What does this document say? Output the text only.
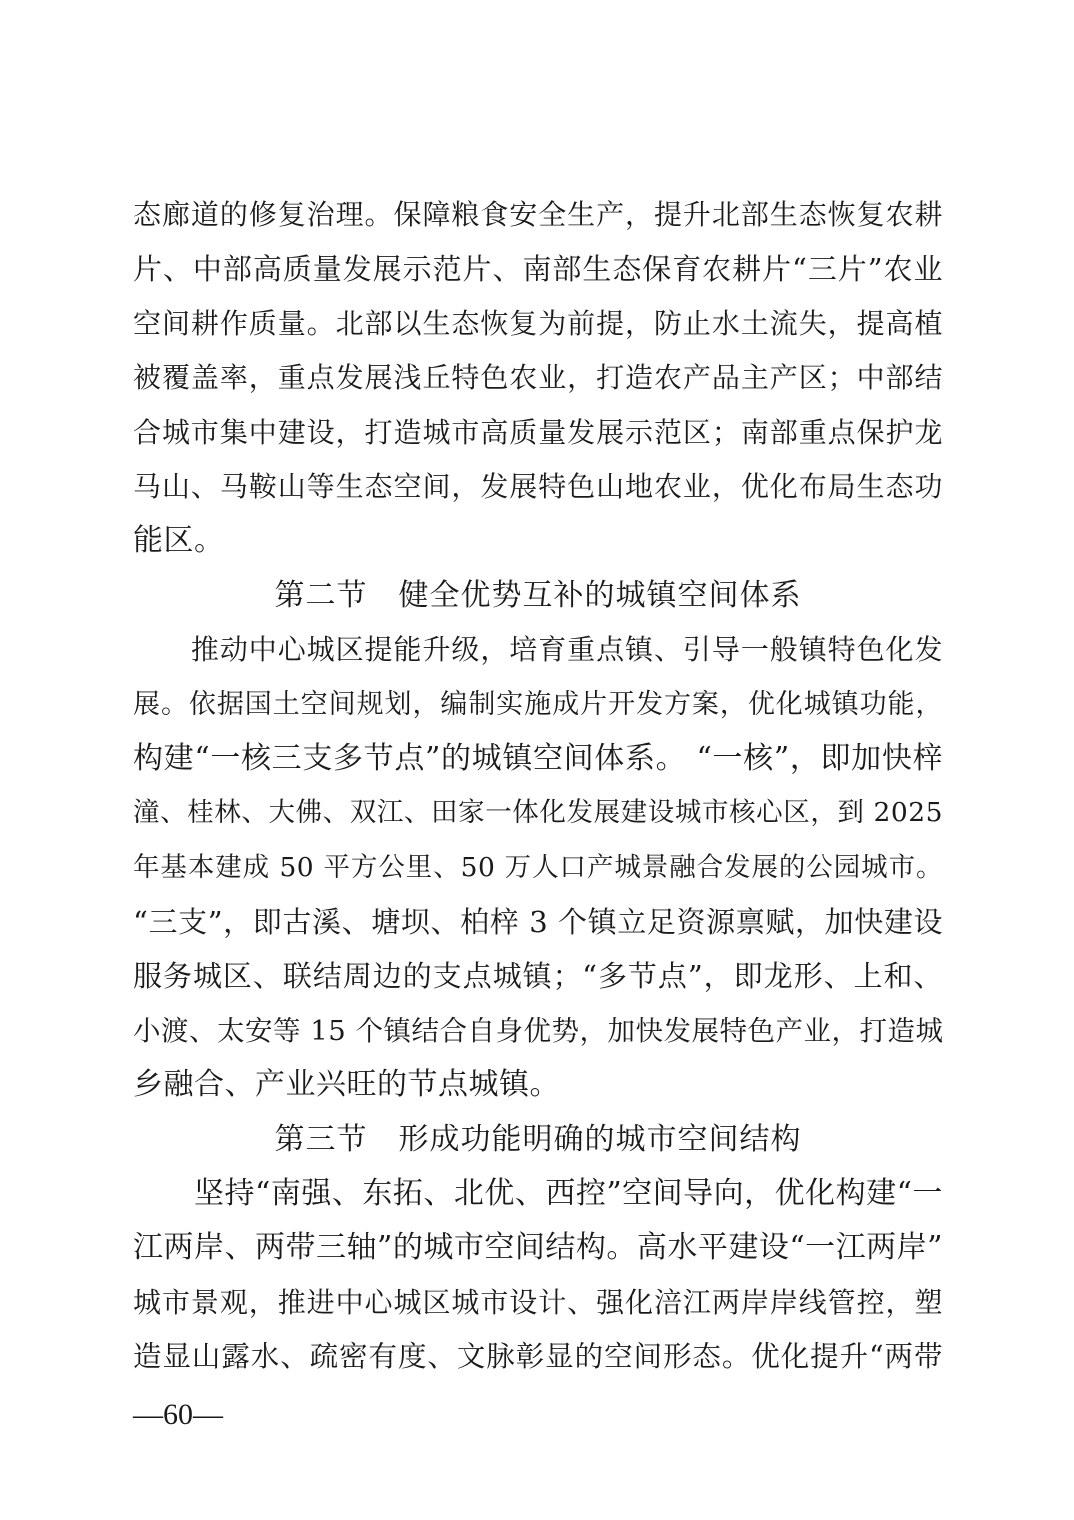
态廊道的修复治理。保障粮食安全生产，提升北部生态恢复农耕
片、中部高质量发展示范片、南部生态保育农耕片“三片”农业
空间耕作质量。北部以生态恢复为前提，防止水土流失，提高植
被覆盖率，重点发展浅丘特色农业，打造农产品主产区；中部结
合城市集中建设，打造城市高质量发展示范区；南部重点保护龙
马山、马鞍山等生态空间，发展特色山地农业，优化布局生态功
能区。
第二节　健全优势互补的城镇空间体系
　　推动中心城区提能升级，培育重点镇、引导一般镇特色化发
展。依据国土空间规划，编制实施成片开发方案，优化城镇功能，
构建“一核三支多节点”的城镇空间体系。 “一核”，即加快梓
潼、桂林、大佛、双江、田家一体化发展建设城市核心区，到 2025
年基本建成 50 平方公里、50 万人口产城景融合发展的公园城市。
“三支”，即古溪、塘坝、柏梓 3 个镇立足资源禀赋，加快建设
服务城区、联结周边的支点城镇；“多节点”，即龙形、上和、
小渡、太安等 15 个镇结合自身优势，加快发展特色产业，打造城
乡融合、产业兴旺的节点城镇。
第三节　形成功能明确的城市空间结构
　　坚持“南强、东拓、北优、西控”空间导向，优化构建“一
江两岸、两带三轴”的城市空间结构。高水平建设“一江两岸”
城市景观，推进中心城区城市设计、强化涪江两岸岸线管控，塑
造显山露水、疏密有度、文脉彰显的空间形态。优化提升“两带
—60—
